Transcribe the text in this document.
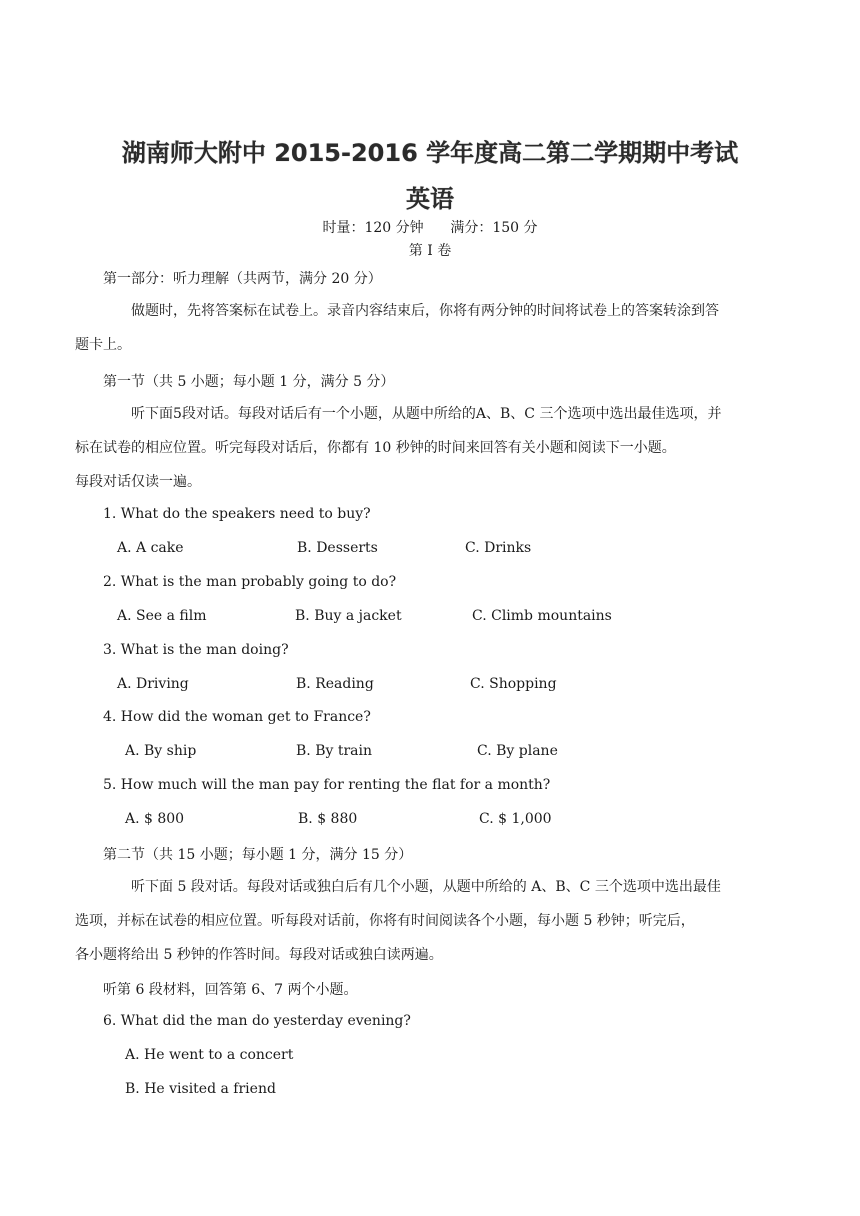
湖南师大附中 2015-2016 学年度高二第二学期期中考试
英语
时量：120 分钟      满分：150 分
第 I 卷
第一部分：听力理解（共两节，满分 20 分）
做题时，先将答案标在试卷上。录音内容结束后，你将有两分钟的时间将试卷上的答案转涂到答
题卡上。
第一节（共 5 小题；每小题 1 分，满分 5 分）
听下面5段对话。每段对话后有一个小题，从题中所给的A、B、C 三个选项中选出最佳选项，并
标在试卷的相应位置。听完每段对话后，你都有 10 秒钟的时间来回答有关小题和阅读下一小题。
每段对话仅读一遍。
1. What do the speakers need to buy?
A. A cake	B. Desserts	C. Drinks
2. What is the man probably going to do?
A. See a film	B. Buy a jacket	C. Climb mountains
3. What is the man doing?
A. Driving	B. Reading	C. Shopping
4. How did the woman get to France?
A. By ship	B. By train	C. By plane
5. How much will the man pay for renting the flat for a month?
A. $ 800	B. $ 880	C. $ 1,000
第二节（共 15 小题；每小题 1 分，满分 15 分）
听下面 5 段对话。每段对话或独白后有几个小题，从题中所给的 A、B、C 三个选项中选出最佳
选项，并标在试卷的相应位置。听每段对话前，你将有时间阅读各个小题，每小题 5 秒钟；听完后，
各小题将给出 5 秒钟的作答时间。每段对话或独白读两遍。
听第 6 段材料，回答第 6、7 两个小题。
6. What did the man do yesterday evening?
A. He went to a concert
B. He visited a friend
